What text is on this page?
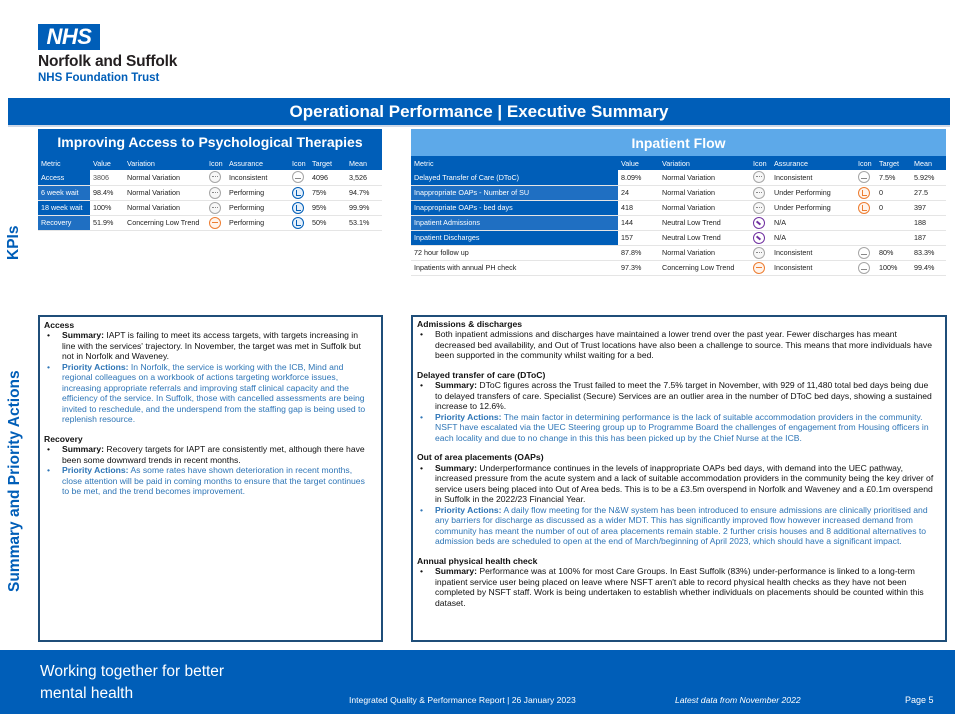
NHS
Norfolk and Suffolk
NHS Foundation Trust
Operational Performance | Executive Summary
KPIs
Summary and Priority Actions
Improving Access to Psychological Therapies
Metric	Value	Variation	Icon	Assurance	Icon	Target	Mean
Access	3806	Normal Variation		Inconsistent		4096	3,526
6 week wait	98.4%	Normal Variation		Performing		75%	94.7%
18 week wait	100%	Normal Variation		Performing		95%	99.9%
Recovery	51.9%	Concerning Low Trend		Performing		50%	53.1%
Inpatient Flow
Metric	Value	Variation	Icon	Assurance	Icon	Target	Mean
Delayed Transfer of Care (DToC)	8.09%	Normal Variation		Inconsistent		7.5%	5.92%
Inappropriate OAPs - Number of SU	24	Normal Variation		Under Performing		0	27.5
Inappropriate OAPs - bed days	418	Normal Variation		Under Performing		0	397
Inpatient Admissions	144	Neutral Low Trend		N/A			188
Inpatient Discharges	157	Neutral Low Trend		N/A			187
72 hour follow up	87.8%	Normal Variation		Inconsistent		80%	83.3%
Inpatients with annual PH check	97.3%	Concerning Low Trend		Inconsistent		100%	99.4%
Access
• Summary: IAPT is failing to meet its access targets, with targets increasing in line with the services' trajectory. In November, the target was met in Suffolk but not in Norfolk and Waveney.
• Priority Actions: In Norfolk, the service is working with the ICB, Mind and regional colleagues on a workbook of actions targeting workforce issues, increasing appropriate referrals and improving staff clinical capacity and the efficiency of the service. In Suffolk, those with cancelled assessments are being invited to reschedule, and the underspend from the staffing gap is being used to replenish resource.
Recovery
• Summary: Recovery targets for IAPT are consistently met, although there have been some downward trends in recent months.
• Priority Actions: As some rates have shown deterioration in recent months, close attention will be paid in coming months to ensure that the target continues to be met, and the trend becomes improvement.
Admissions & discharges
• Both inpatient admissions and discharges have maintained a lower trend over the past year. Fewer discharges has meant decreased bed availability, and Out of Trust locations have also been a challenge to source. This means that more individuals have been supported in the community whilst waiting for a bed.
Delayed transfer of care (DToC)
• Summary: DToC figures across the Trust failed to meet the 7.5% target in November, with 929 of 11,480 total bed days being due to delayed transfers of care. Specialist (Secure) Services are an outlier area in the number of DToC bed days, showing a sustained increase to 12.6%.
• Priority Actions: The main factor in determining performance is the lack of suitable accommodation providers in the community. NSFT have escalated via the UEC Steering group up to Programme Board the challenges of engagement from Housing officers in each locality and due to no change in this this has been picked up by the Chief Nurse at the ICB.
Out of area placements (OAPs)
• Summary: Underperformance continues in the levels of inappropriate OAPs bed days, with demand into the UEC pathway, increased pressure from the acute system and a lack of suitable accommodation providers in the community being the key driver of service users being placed into Out of Area beds. This is to be a £3.5m overspend in Norfolk and Waveney and a £0.1m overspend in Suffolk in the 2022/23 Financial Year.
• Priority Actions: A daily flow meeting for the N&W system has been introduced to ensure admissions are clinically prioritised and any barriers for discharge as discussed as a wider MDT. This has significantly improved flow however increased demand from community has meant the number of out of area placements remain stable. 2 further crisis houses and 8 additional alternatives to admission beds are scheduled to open at the end of March/beginning of April 2023, which should have a significant impact.
Annual physical health check
• Summary: Performance was at 100% for most Care Groups. In East Suffolk (83%) under-performance is linked to a long-term inpatient service user being placed on leave where NSFT aren't able to record physical health checks as they have not been completed by NSFT staff. Work is being undertaken to establish whether individuals on placements should be counted within this dataset.
Working together for better mental health	Integrated Quality & Performance Report | 26 January 2023	Latest data from November 2022	Page 5
